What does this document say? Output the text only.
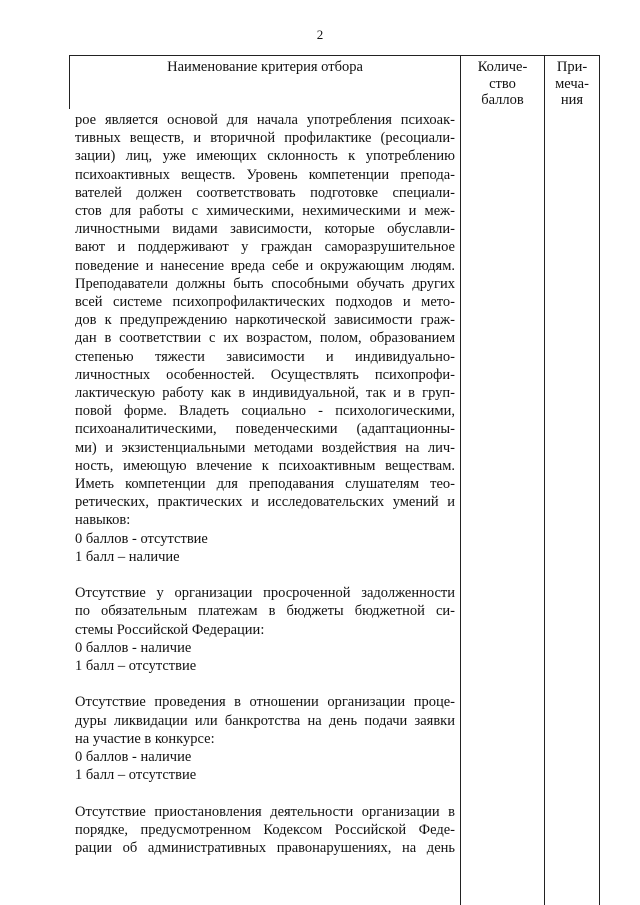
2
Наименование критерия отбора	Количе-
ство
баллов
При-
меча-
ния
рое является основой для начала употребления психоак-
тивных веществ, и вторичной профилактике (ресоциали-
зации) лиц, уже имеющих склонность к употреблению
психоактивных веществ. Уровень компетенции препода-
вателей должен соответствовать подготовке специали-
стов для работы с химическими, нехимическими и меж-
личностными видами зависимости, которые обуславли-
вают и поддерживают у граждан саморазрушительное
поведение и нанесение вреда себе и окружающим людям.
Преподаватели должны быть способными обучать других
всей системе психопрофилактических подходов и мето-
дов к предупреждению наркотической зависимости граж-
дан в соответствии с их возрастом, полом, образованием
степенью тяжести зависимости и индивидуально-
личностных особенностей. Осуществлять психопрофи-
лактическую работу как в индивидуальной, так и в груп-
повой форме. Владеть социально - психологическими,
психоаналитическими, поведенческими (адаптационны-
ми) и экзистенциальными методами воздействия на лич-
ность, имеющую влечение к психоактивным веществам.
Иметь компетенции для преподавания слушателям тео-
ретических, практических и исследовательских умений и
навыков:
0 баллов - отсутствие
1 балл – наличие
Отсутствие у организации просроченной задолженности
по обязательным платежам в бюджеты бюджетной си-
стемы Российской Федерации:
0 баллов - наличие
1 балл – отсутствие
Отсутствие проведения в отношении организации проце-
дуры ликвидации или банкротства на день подачи заявки
на участие в конкурсе:
0 баллов - наличие
1 балл – отсутствие
Отсутствие приостановления деятельности организации в
порядке, предусмотренном Кодексом Российской Феде-
рации об административных правонарушениях, на день
